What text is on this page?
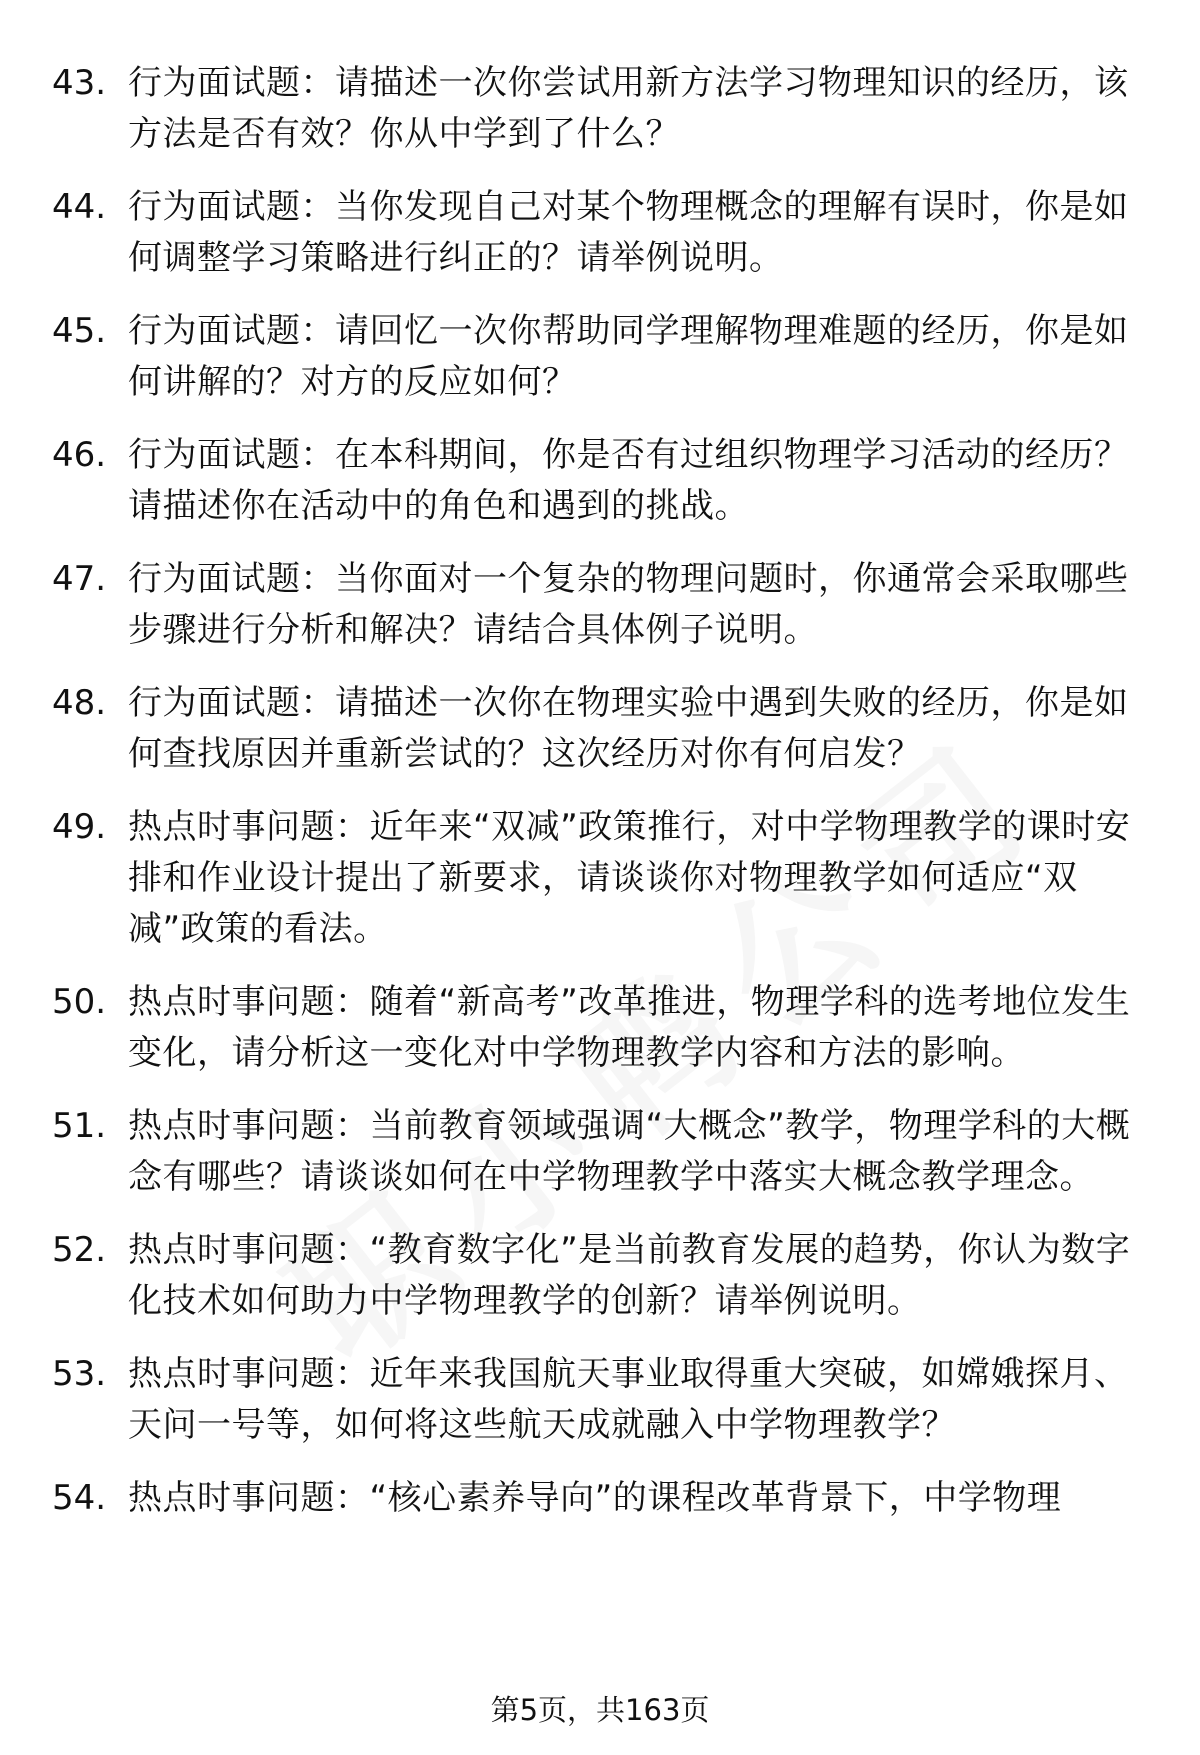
43. 行为面试题：请描述一次你尝试用新方法学习物理知识的经历，该方法是否有效？你从中学到了什么？
44. 行为面试题：当你发现自己对某个物理概念的理解有误时，你是如何调整学习策略进行纠正的？请举例说明。
45. 行为面试题：请回忆一次你帮助同学理解物理难题的经历，你是如何讲解的？对方的反应如何？
46. 行为面试题：在本科期间，你是否有过组织物理学习活动的经历？请描述你在活动中的角色和遇到的挑战。
47. 行为面试题：当你面对一个复杂的物理问题时，你通常会采取哪些步骤进行分析和解决？请结合具体例子说明。
48. 行为面试题：请描述一次你在物理实验中遇到失败的经历，你是如何查找原因并重新尝试的？这次经历对你有何启发？
49. 热点时事问题：近年来“双减”政策推行，对中学物理教学的课时安排和作业设计提出了新要求，请谈谈你对物理教学如何适应“双减”政策的看法。
50. 热点时事问题：随着“新高考”改革推进，物理学科的选考地位发生变化，请分析这一变化对中学物理教学内容和方法的影响。
51. 热点时事问题：当前教育领域强调“大概念”教学，物理学科的大概念有哪些？请谈谈如何在中学物理教学中落实大概念教学理念。
52. 热点时事问题：“教育数字化”是当前教育发展的趋势，你认为数字化技术如何助力中学物理教学的创新？请举例说明。
53. 热点时事问题：近年来我国航天事业取得重大突破，如嫦娥探月、天问一号等，如何将这些航天成就融入中学物理教学？
54. 热点时事问题：“核心素养导向”的课程改革背景下，中学物理
第5页，共163页
